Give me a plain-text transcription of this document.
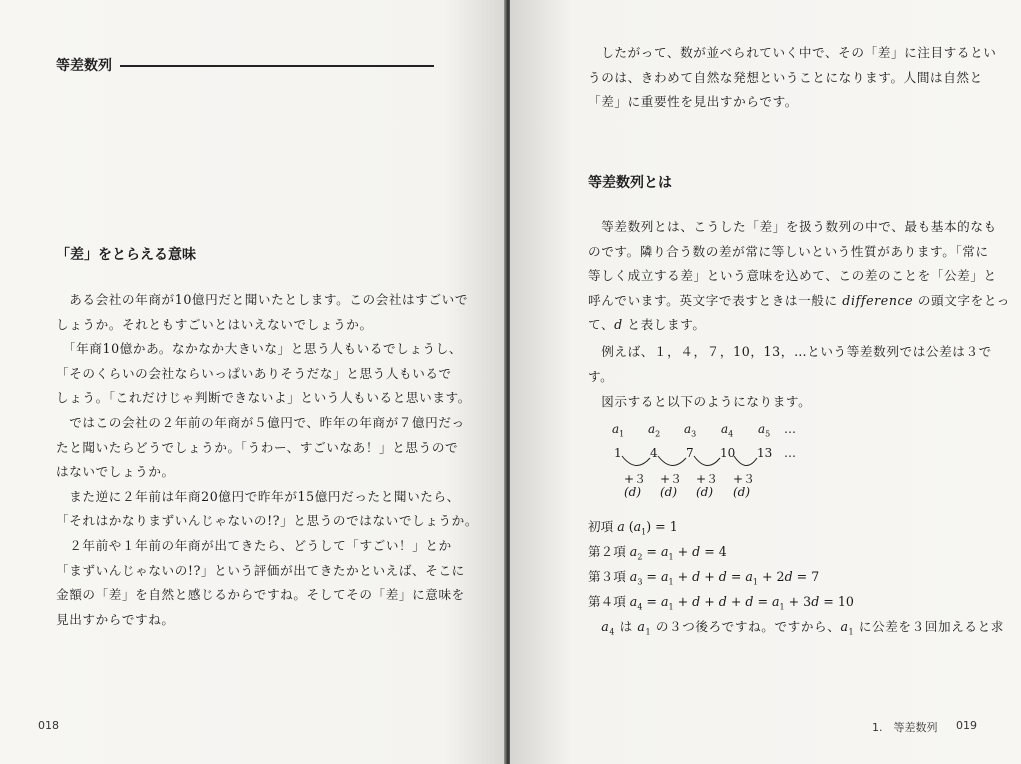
等差数列
「差」をとらえる意味
　ある会社の年商が10億円だと聞いたとします。この会社はすごいで
しょうか。それともすごいとはいえないでしょうか。
　「年商10億かあ。なかなか大きいな」と思う人もいるでしょうし、
「そのくらいの会社ならいっぱいありそうだな」と思う人もいるで
しょう。「これだけじゃ判断できないよ」という人もいると思います。
　ではこの会社の２年前の年商が５億円で、昨年の年商が７億円だっ
たと聞いたらどうでしょうか。「うわー、すごいなあ！」と思うので
はないでしょうか。
　また逆に２年前は年商20億円で昨年が15億円だったと聞いたら、
「それはかなりまずいんじゃないの!?」と思うのではないでしょうか。
　２年前や１年前の年商が出てきたら、どうして「すごい！」とか
「まずいんじゃないの!?」という評価が出てきたかといえば、そこに
金額の「差」を自然と感じるからですね。そしてその「差」に意味を
見出すからですね。
018
　したがって、数が並べられていく中で、その「差」に注目するとい
うのは、きわめて自然な発想ということになります。人間は自然と
「差」に重要性を見出すからです。
等差数列とは
　等差数列とは、こうした「差」を扱う数列の中で、最も基本的なも
のです。隣り合う数の差が常に等しいという性質があります。「常に
等しく成立する差」という意味を込めて、この差のことを「公差」と
呼んでいます。英文字で表すときは一般に difference の頭文字をとっ
て、d と表します。
　例えば、１，４，７，10，13，…という等差数列では公差は３で
す。
　図示すると以下のようになります。
$a_1$ $a_2$ $a_3$ $a_4$ $a_5$ …
1 4 7 10 13 …
+３ +３ +３ +３
(d) (d) (d) (d)
初項 a $(a_1) = 1$
第２項 $a_2 = a_1 + d = 4$
第３項 $a_3 = a_1 + d + d = a_1 + 2d = 7$
第４項 $a_4 = a_1 + d + d + d = a_1 + 3d = 10$
　$a_4$ は $a_1$ の３つ後ろですね。ですから、$a_1$ に公差を３回加えると求
1.　等差数列 019
